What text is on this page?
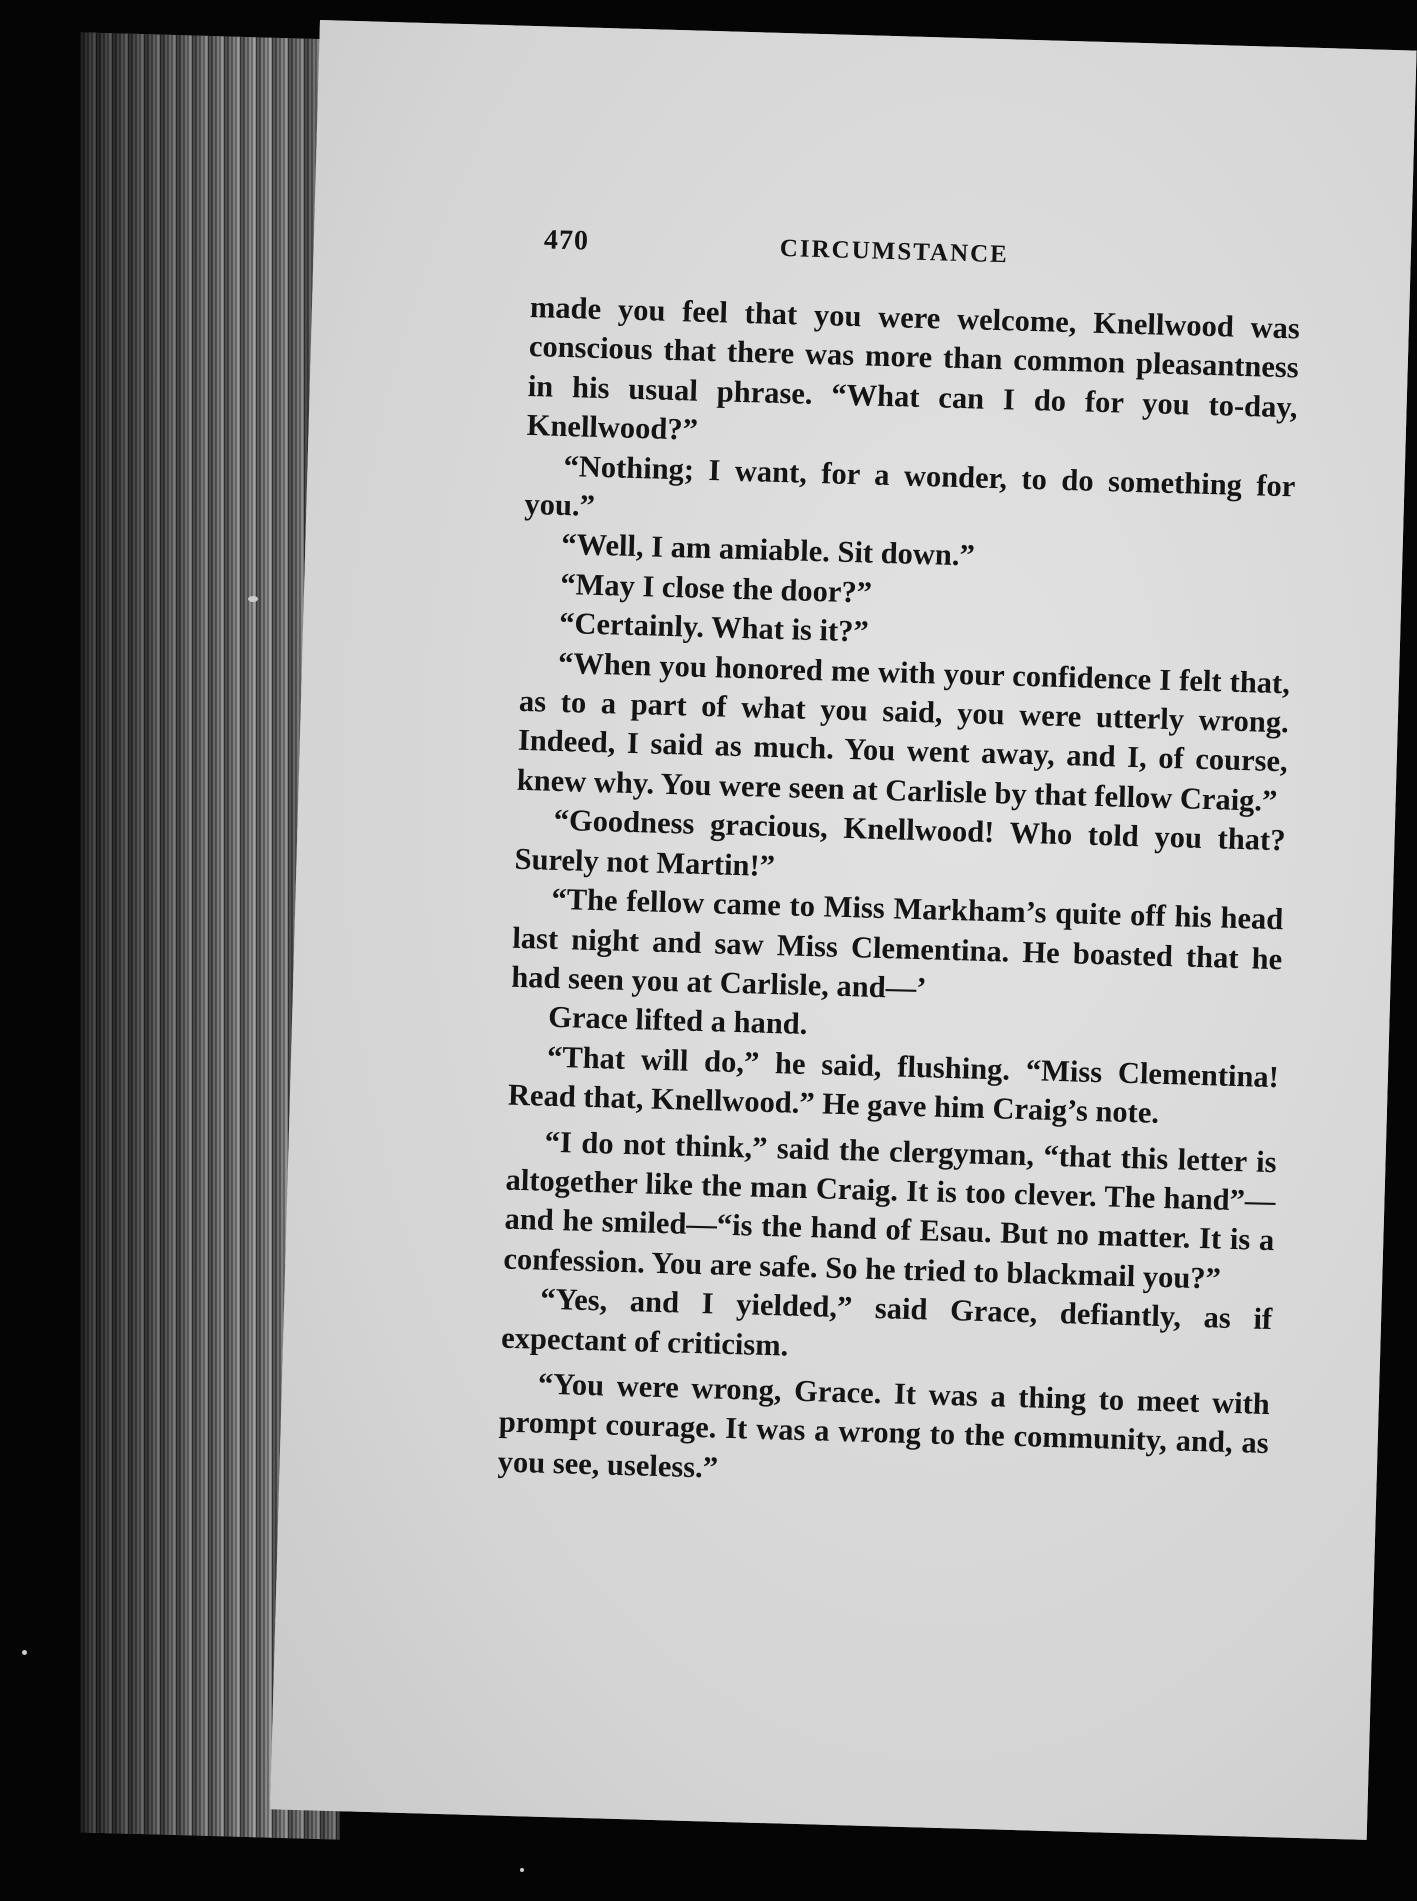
470	CIRCUMSTANCE

made you feel that you were welcome, Knellwood was conscious that there was more than common pleasantness in his usual phrase. “What can I do for you to-day, Knellwood?”

“Nothing; I want, for a wonder, to do something for you.”

“Well, I am amiable. Sit down.”

“May I close the door?”

“Certainly. What is it?”

“When you honored me with your confidence I felt that, as to a part of what you said, you were utterly wrong. Indeed, I said as much. You went away, and I, of course, knew why. You were seen at Carlisle by that fellow Craig.”

“Goodness gracious, Knellwood! Who told you that? Surely not Martin!”

“The fellow came to Miss Markham’s quite off his head last night and saw Miss Clementina. He boasted that he had seen you at Carlisle, and—’

Grace lifted a hand.

“That will do,” he said, flushing. “Miss Clementina! Read that, Knellwood.” He gave him Craig’s note.

“I do not think,” said the clergyman, “that this letter is altogether like the man Craig. It is too clever. The hand”—and he smiled—“is the hand of Esau. But no matter. It is a confession. You are safe. So he tried to blackmail you?”

“Yes, and I yielded,” said Grace, defiantly, as if expectant of criticism.

“You were wrong, Grace. It was a thing to meet with prompt courage. It was a wrong to the community, and, as you see, useless.”
